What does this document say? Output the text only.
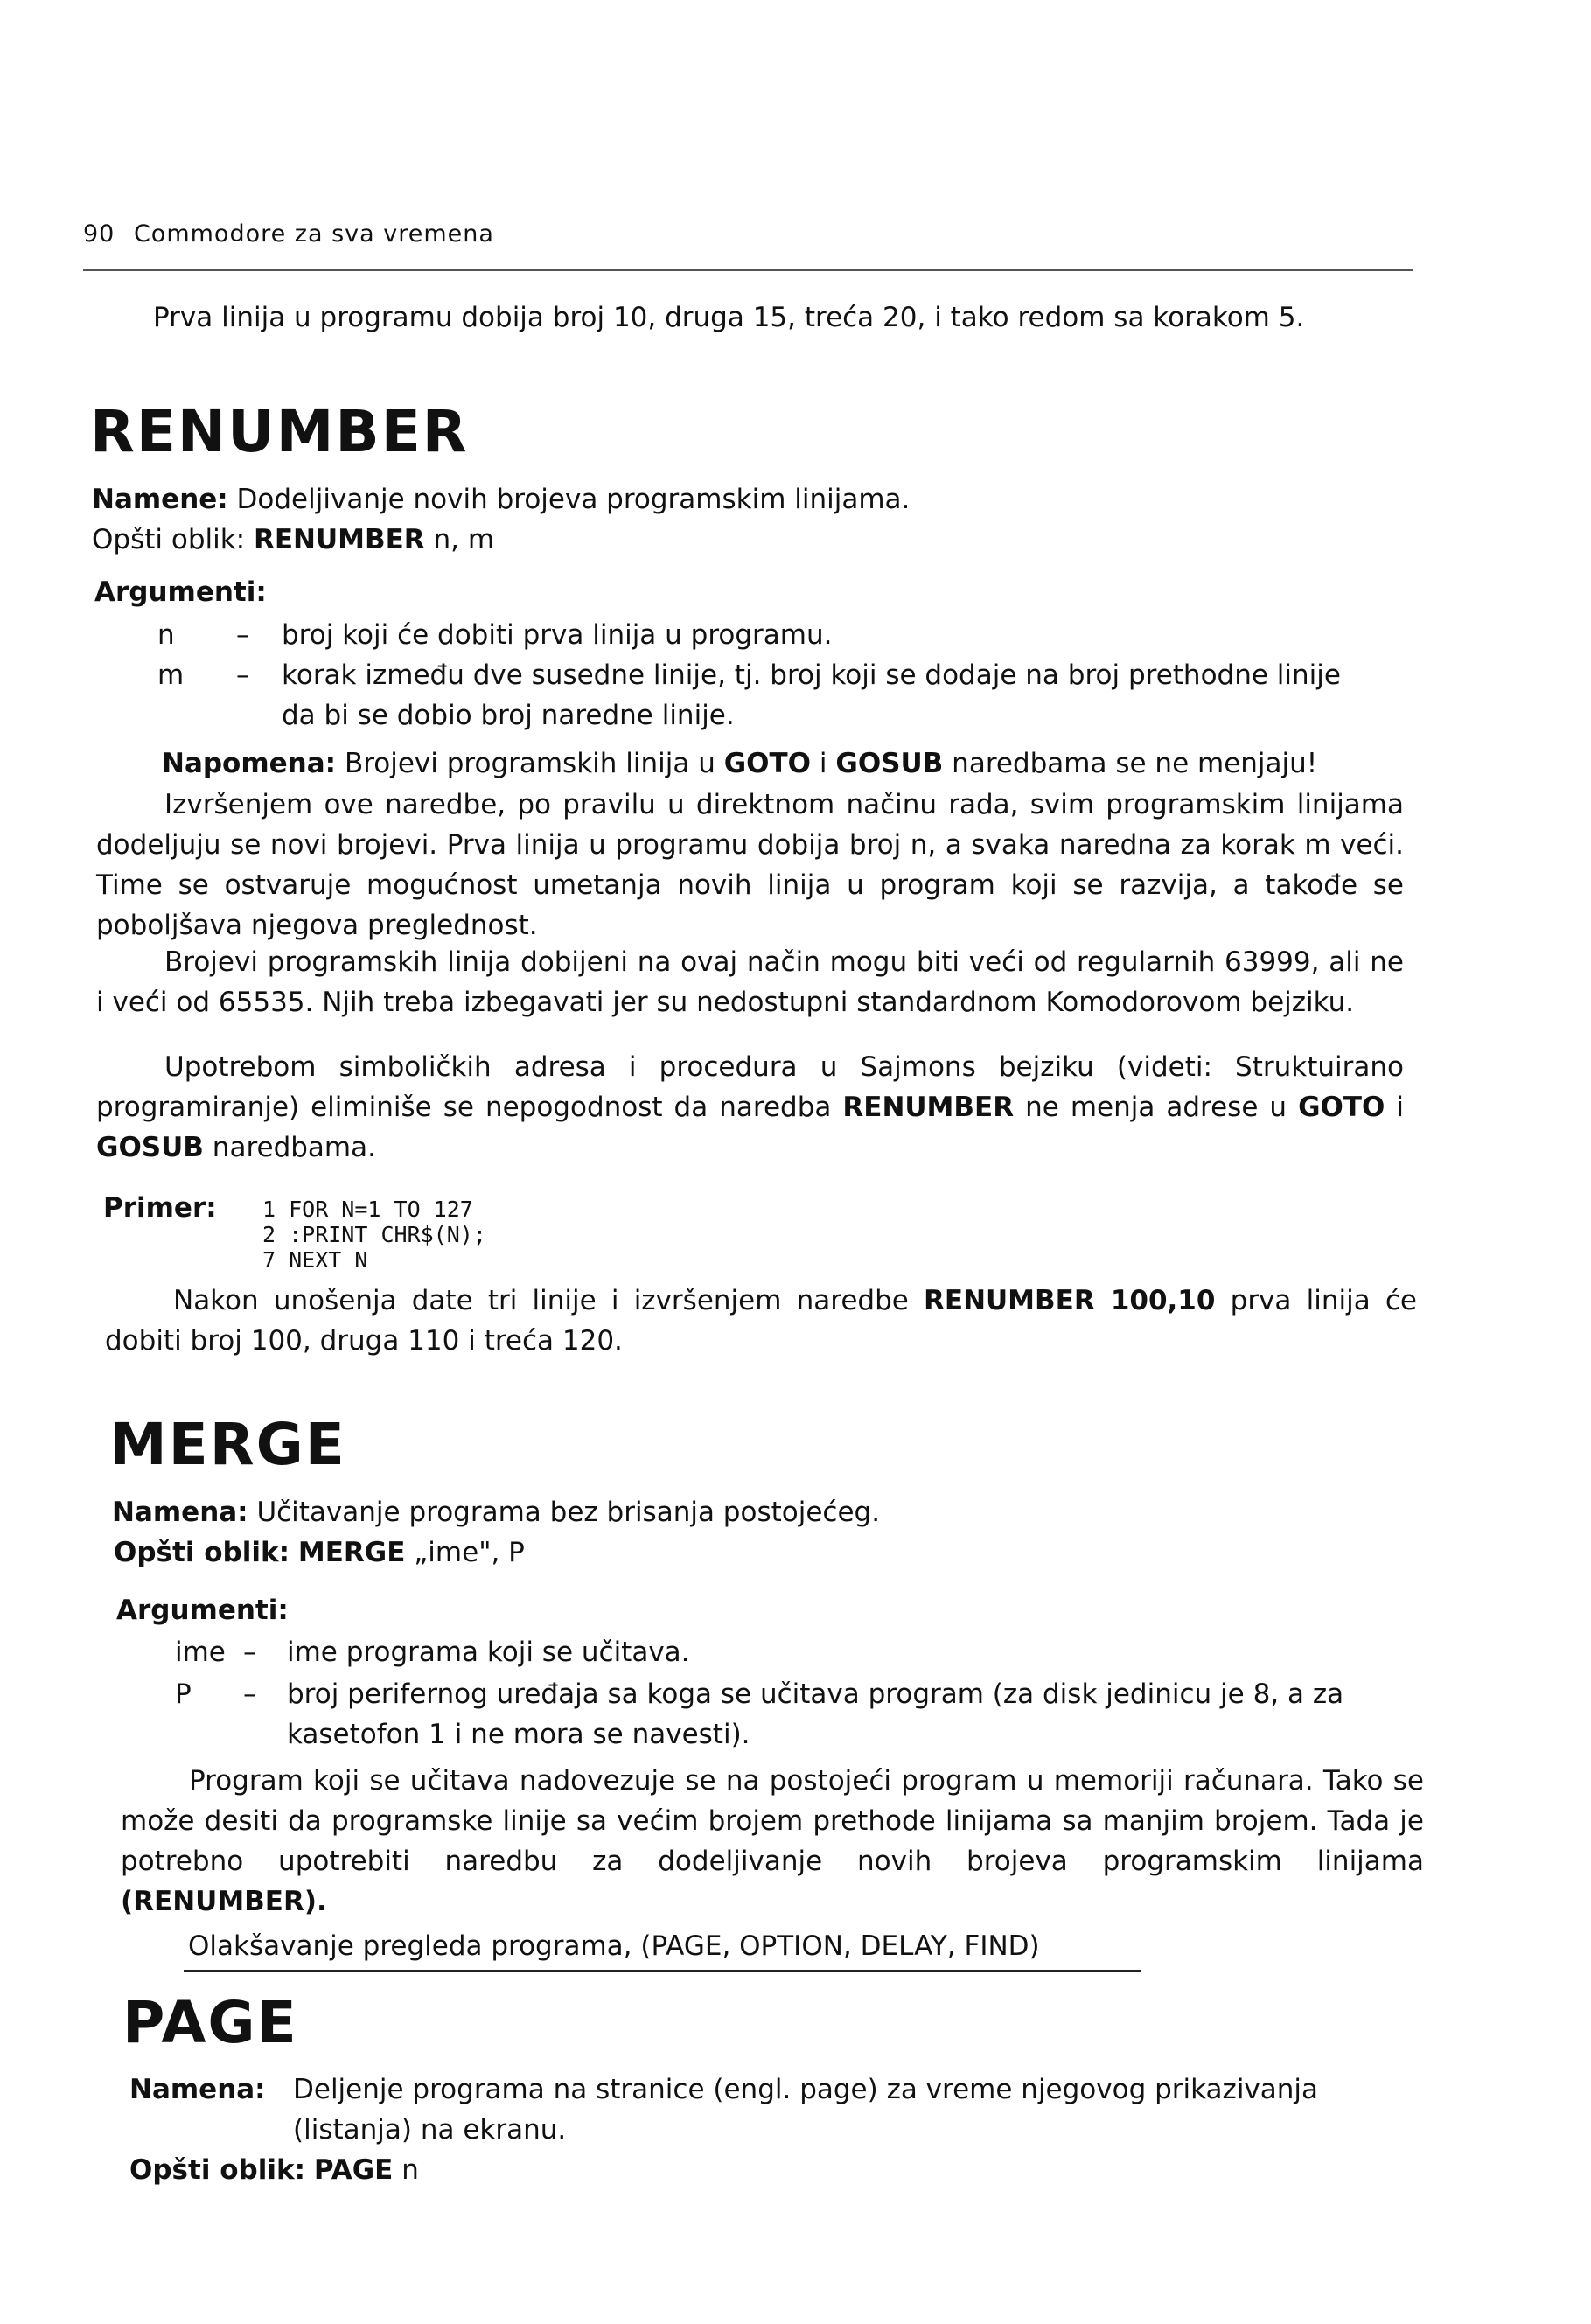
90 Commodore za sva vremena
Prva linija u programu dobija broj 10, druga 15, treća 20, i tako redom sa korakom 5.
RENUMBER
Namene: Dodeljivanje novih brojeva programskim linijama.
Opšti oblik: RENUMBER n, m
Argumenti:
n	–	broj koji će dobiti prva linija u programu.
m	–	korak između dve susedne linije, tj. broj koji se dodaje na broj prethodne linije da bi se dobio broj naredne linije.
Napomena: Brojevi programskih linija u GOTO i GOSUB naredbama se ne menjaju!
Izvršenjem ove naredbe, po pravilu u direktnom načinu rada, svim programskim linijama dodeljuju se novi brojevi. Prva linija u programu dobija broj n, a svaka naredna za korak m veći. Time se ostvaruje mogućnost umetanja novih linija u program koji se razvija, a takođe se poboljšava njegova preglednost.
Brojevi programskih linija dobijeni na ovaj način mogu biti veći od regularnih 63999, ali ne i veći od 65535. Njih treba izbegavati jer su nedostupni standardnom Komodorovom bejziku.
Upotrebom simboličkih adresa i procedura u Sajmons bejziku (videti: Struktuirano programiranje) eliminiše se nepogodnost da naredba RENUMBER ne menja adrese u GOTO i GOSUB naredbama.
Primer: 1 FOR N=1 TO 127
2 :PRINT CHR$(N);
7 NEXT N
Nakon unošenja date tri linije i izvršenjem naredbe RENUMBER 100,10 prva linija će dobiti broj 100, druga 110 i treća 120.
MERGE
Namena: Učitavanje programa bez brisanja postojećeg.
Opšti oblik: MERGE „ime", P
Argumenti:
ime –	ime programa koji se učitava.
P	–	broj perifernog uređaja sa koga se učitava program (za disk jedinicu je 8, a za kasetofon 1 i ne mora se navesti).
Program koji se učitava nadovezuje se na postojeći program u memoriji računara. Tako se može desiti da programske linije sa većim brojem prethode linijama sa manjim brojem. Tada je potrebno upotrebiti naredbu za dodeljivanje novih brojeva programskim linijama (RENUMBER).
Olakšavanje pregleda programa, (PAGE, OPTION, DELAY, FIND)
PAGE
Namena: Deljenje programa na stranice (engl. page) za vreme njegovog prikazivanja (listanja) na ekranu.
Opšti oblik: PAGE n
